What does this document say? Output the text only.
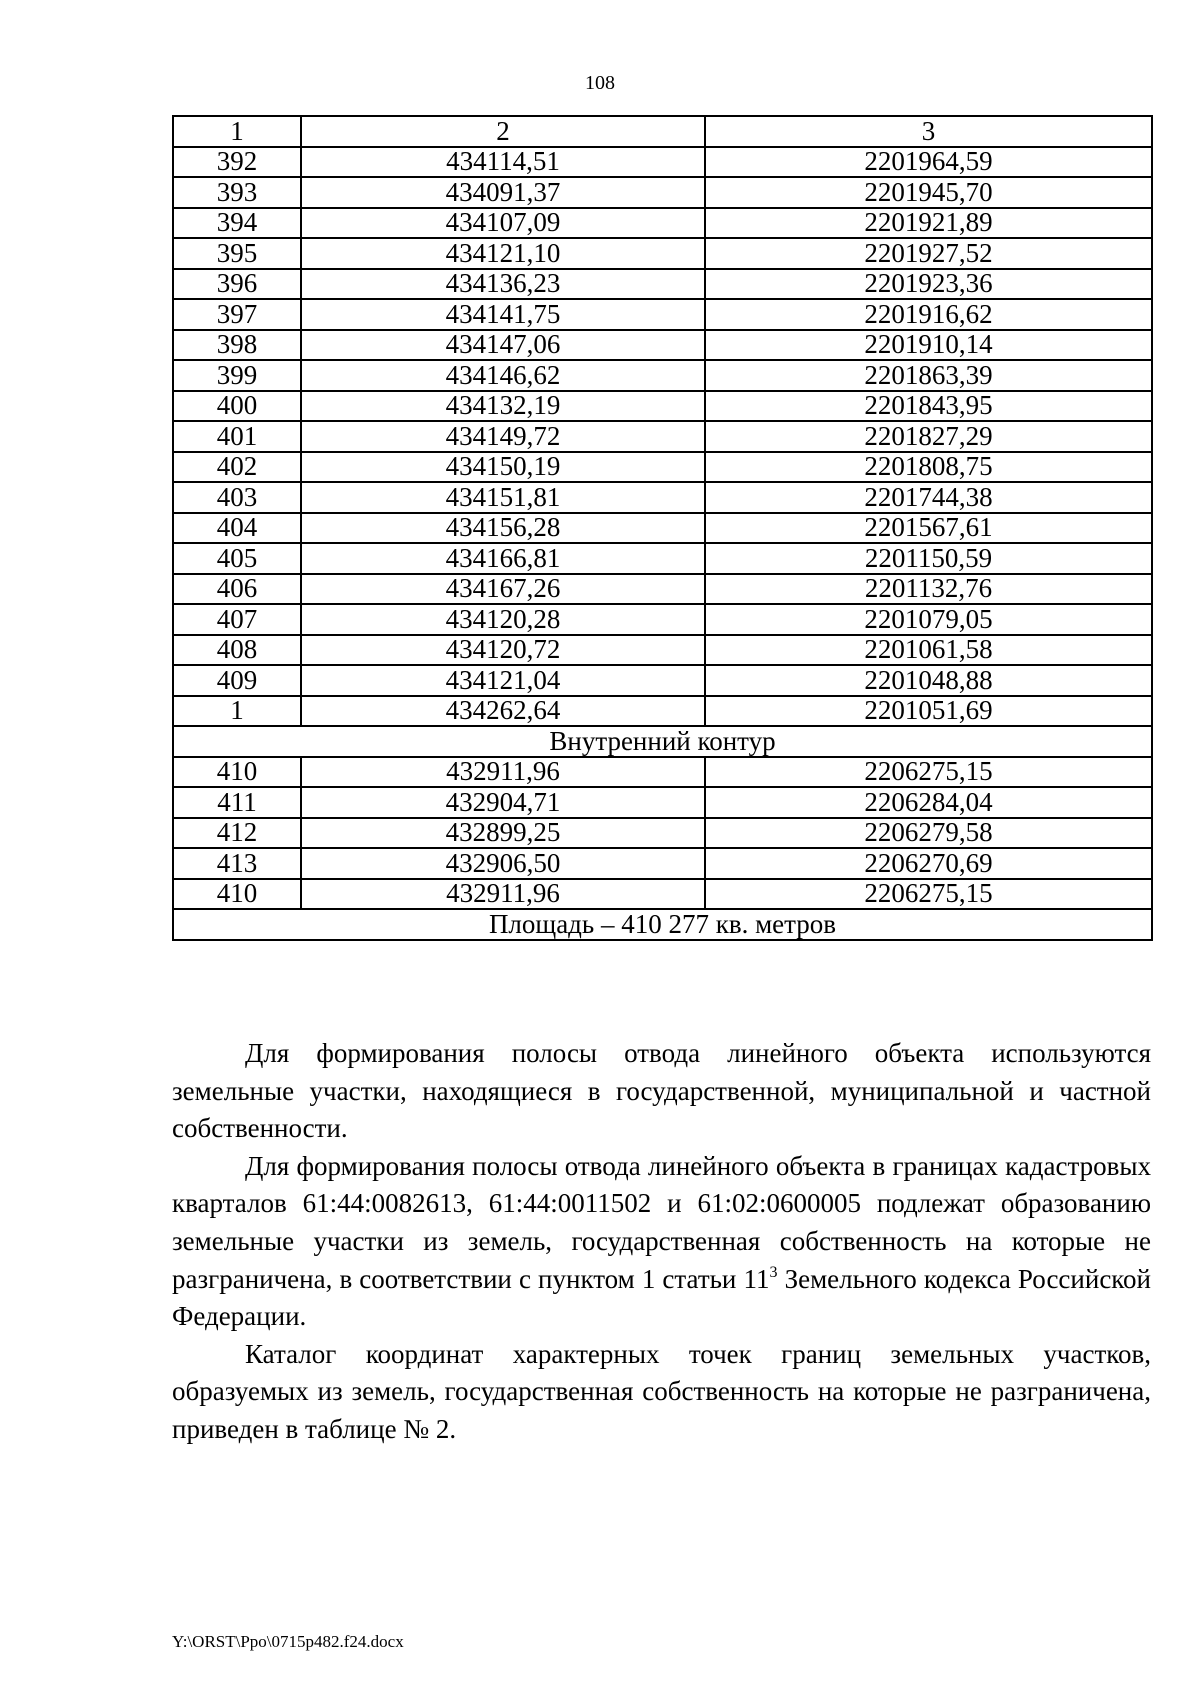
108
1	2	3
392	434114,51	2201964,59
393	434091,37	2201945,70
394	434107,09	2201921,89
395	434121,10	2201927,52
396	434136,23	2201923,36
397	434141,75	2201916,62
398	434147,06	2201910,14
399	434146,62	2201863,39
400	434132,19	2201843,95
401	434149,72	2201827,29
402	434150,19	2201808,75
403	434151,81	2201744,38
404	434156,28	2201567,61
405	434166,81	2201150,59
406	434167,26	2201132,76
407	434120,28	2201079,05
408	434120,72	2201061,58
409	434121,04	2201048,88
1	434262,64	2201051,69
Внутренний контур		
410	432911,96	2206275,15
411	432904,71	2206284,04
412	432899,25	2206279,58
413	432906,50	2206270,69
410	432911,96	2206275,15
Площадь – 410 277 кв. метров		

Для формирования полосы отвода линейного объекта используются земельные участки, находящиеся в государственной, муниципальной и частной собственности.

Для формирования полосы отвода линейного объекта в границах кадастровых кварталов 61:44:0082613, 61:44:0011502 и 61:02:0600005 подлежат образованию земельные участки из земель, государственная собственность на которые не разграничена, в соответствии с пунктом 1 статьи $11^3$ Земельного кодекса Российской Федерации.

Каталог координат характерных точек границ земельных участков, образуемых из земель, государственная собственность на которые не разграничена, приведен в таблице № 2.

Y:\ORST\Ppo\0715p482.f24.docx
